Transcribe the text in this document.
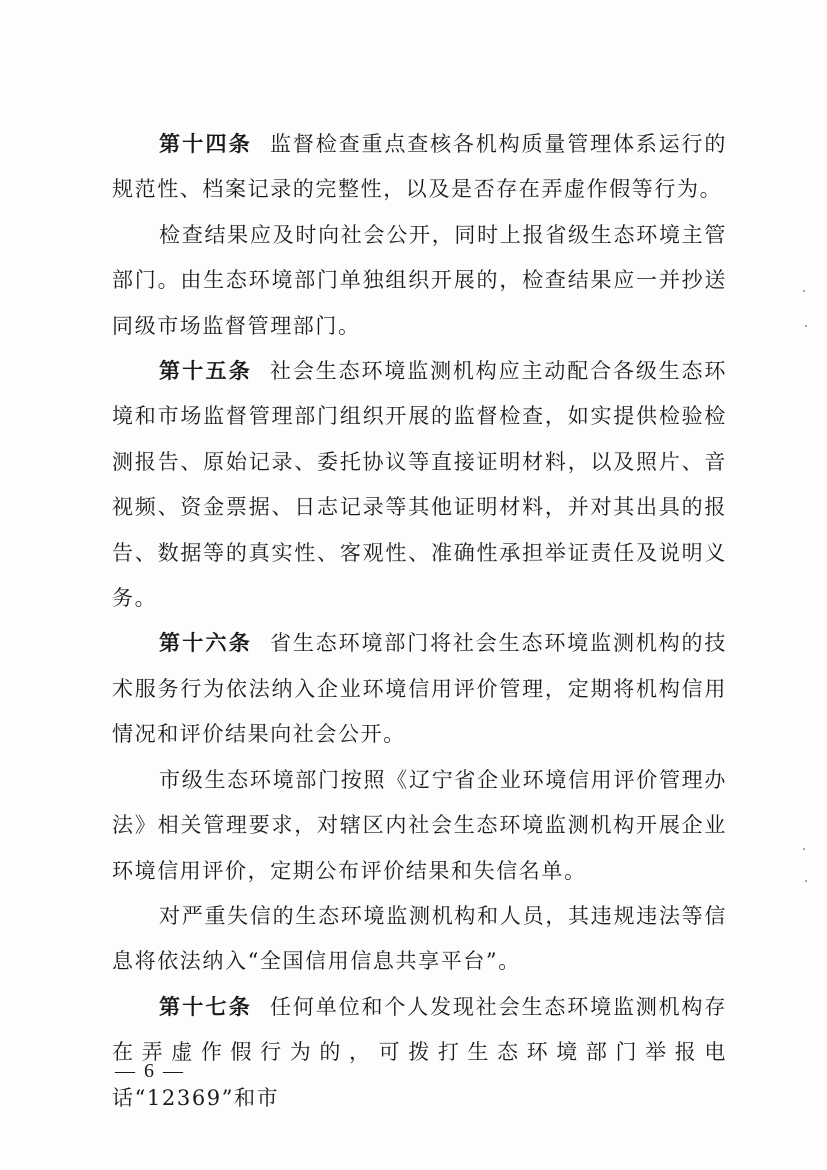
第十四条 监督检查重点查核各机构质量管理体系运行的规范性、档案记录的完整性，以及是否存在弄虚作假等行为。

检查结果应及时向社会公开，同时上报省级生态环境主管部门。由生态环境部门单独组织开展的，检查结果应一并抄送同级市场监督管理部门。

第十五条 社会生态环境监测机构应主动配合各级生态环境和市场监督管理部门组织开展的监督检查，如实提供检验检测报告、原始记录、委托协议等直接证明材料，以及照片、音视频、资金票据、日志记录等其他证明材料，并对其出具的报告、数据等的真实性、客观性、准确性承担举证责任及说明义务。

第十六条 省生态环境部门将社会生态环境监测机构的技术服务行为依法纳入企业环境信用评价管理，定期将机构信用情况和评价结果向社会公开。

市级生态环境部门按照《辽宁省企业环境信用评价管理办法》相关管理要求，对辖区内社会生态环境监测机构开展企业环境信用评价，定期公布评价结果和失信名单。

对严重失信的生态环境监测机构和人员，其违规违法等信息将依法纳入“全国信用信息共享平台”。

第十七条 任何单位和个人发现社会生态环境监测机构存在弄虚作假行为的，可拨打生态环境部门举报电话“12369”和市

— 6 —
